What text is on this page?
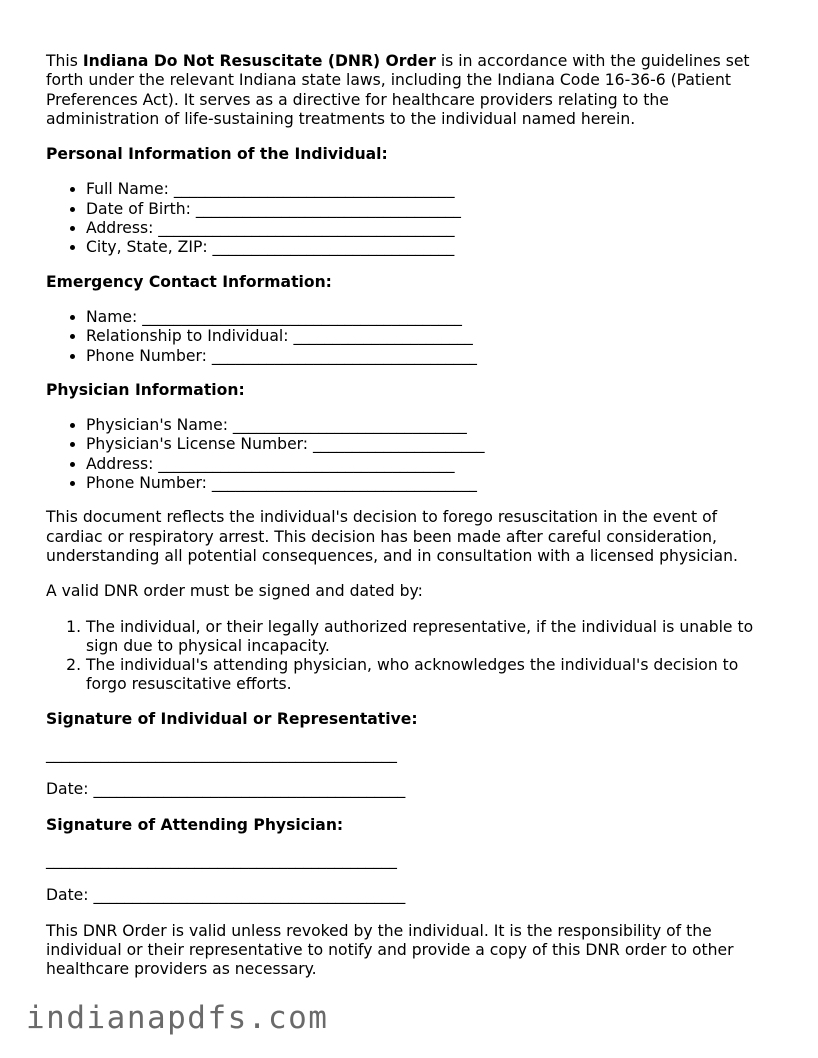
This Indiana Do Not Resuscitate (DNR) Order is in accordance with the guidelines set forth under the relevant Indiana state laws, including the Indiana Code 16-36-6 (Patient Preferences Act). It serves as a directive for healthcare providers relating to the administration of life-sustaining treatments to the individual named herein.

Personal Information of the Individual:

• Full Name: ____________________________________
• Date of Birth: __________________________________
• Address: ______________________________________
• City, State, ZIP: _______________________________

Emergency Contact Information:

• Name: _________________________________________
• Relationship to Individual: _______________________
• Phone Number: __________________________________

Physician Information:

• Physician's Name: ______________________________
• Physician's License Number: ______________________
• Address: ______________________________________
• Phone Number: __________________________________

This document reflects the individual's decision to forego resuscitation in the event of cardiac or respiratory arrest. This decision has been made after careful consideration, understanding all potential consequences, and in consultation with a licensed physician.

A valid DNR order must be signed and dated by:

1. The individual, or their legally authorized representative, if the individual is unable to sign due to physical incapacity.
2. The individual's attending physician, who acknowledges the individual's decision to forgo resuscitative efforts.

Signature of Individual or Representative:

_____________________________________________

Date: ________________________________________

Signature of Attending Physician:

_____________________________________________

Date: ________________________________________

This DNR Order is valid unless revoked by the individual. It is the responsibility of the individual or their representative to notify and provide a copy of this DNR order to other healthcare providers as necessary.

indianapdfs.com
